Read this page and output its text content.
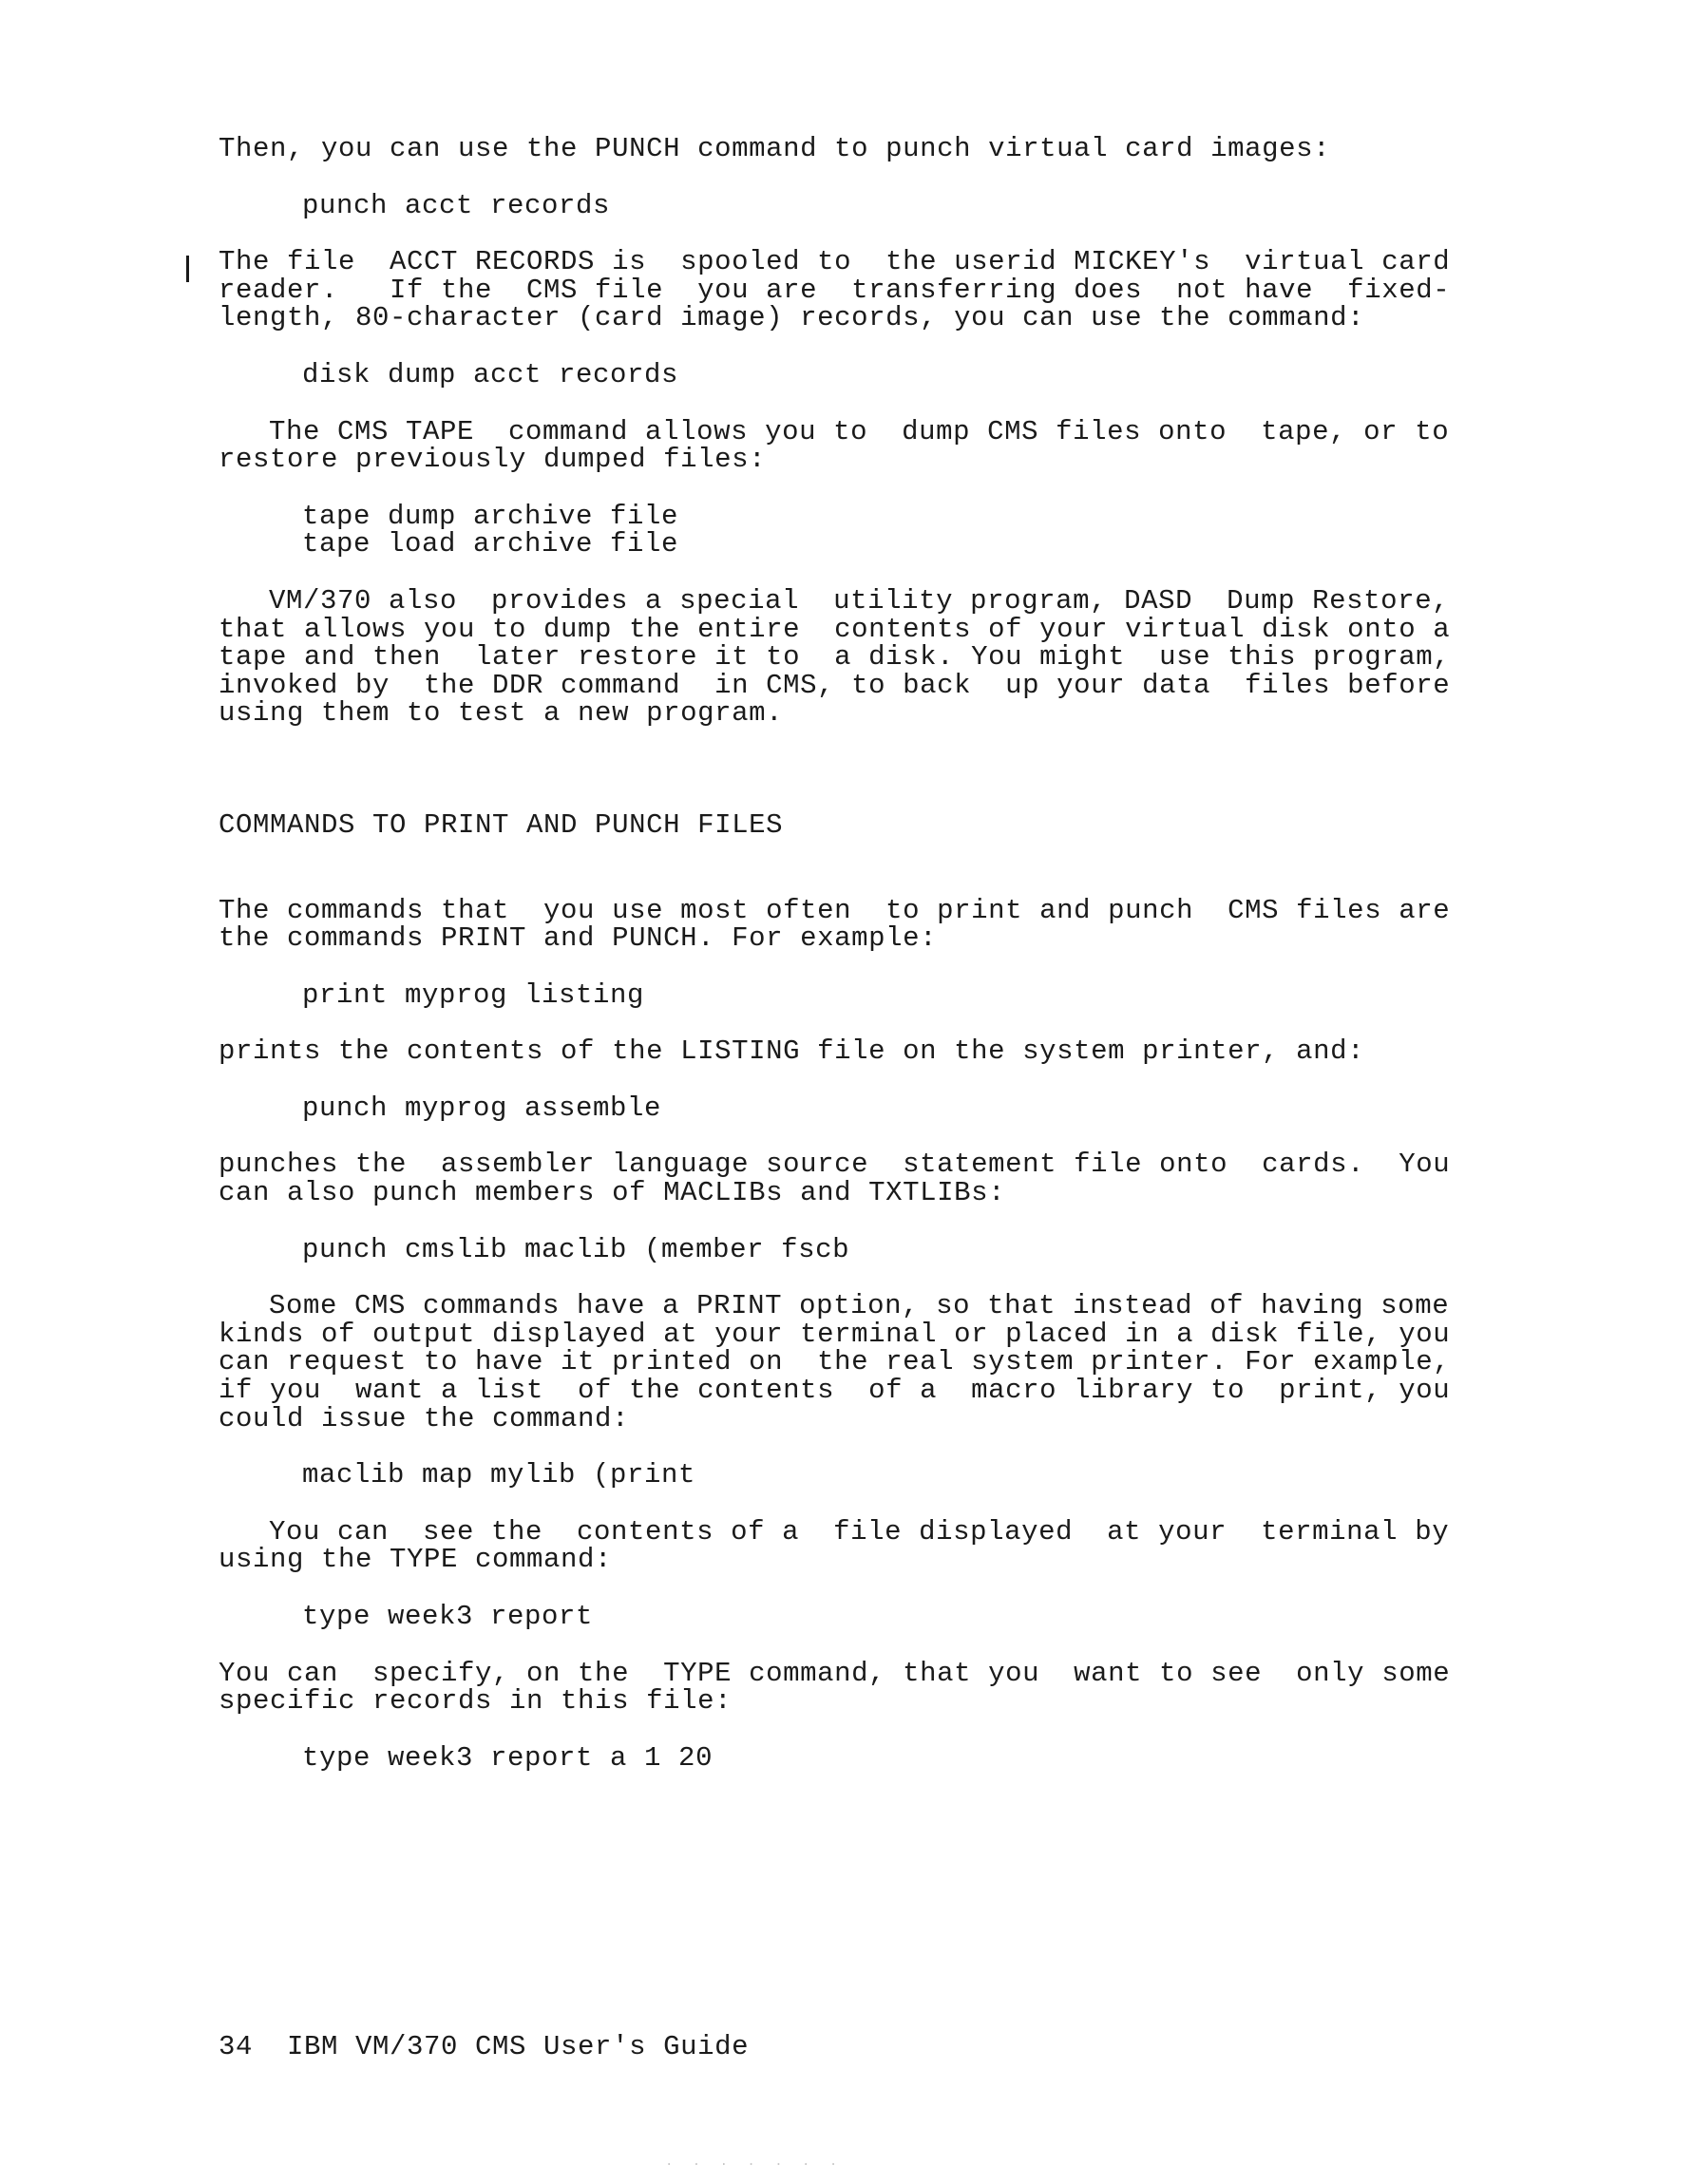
Then, you can use the PUNCH command to punch virtual card images:
punch acct records
The file  ACCT RECORDS is  spooled to  the userid MICKEY's  virtual card reader.   If the  CMS file  you are  transferring does  not have  fixed-length, 80-character (card image) records, you can use the command:
disk dump acct records
The CMS TAPE  command allows you to  dump CMS files onto  tape, or to restore previously dumped files:
tape dump archive file
tape load archive file
VM/370 also  provides a special  utility program, DASD  Dump Restore, that allows you to dump the entire  contents of your virtual disk onto a tape and then  later restore it to  a disk. You might  use this program, invoked by  the DDR command  in CMS, to back  up your data  files before using them to test a new program.
COMMANDS TO PRINT AND PUNCH FILES
The commands that  you use most often  to print and punch  CMS files are the commands PRINT and PUNCH. For example:
print myprog listing
prints the contents of the LISTING file on the system printer, and:
punch myprog assemble
punches the  assembler language source  statement file onto  cards.  You can also punch members of MACLIBs and TXTLIBs:
punch cmslib maclib (member fscb
Some CMS commands have a PRINT option, so that instead of having some kinds of output displayed at your terminal or placed in a disk file, you can request to have it printed on  the real system printer. For example, if you  want a list  of the contents  of a  macro library to  print, you could issue the command:
maclib map mylib (print
You can  see the  contents of a  file displayed  at your  terminal by using the TYPE command:
type week3 report
You can  specify, on the  TYPE command, that you  want to see  only some specific records in this file:
type week3 report a 1 20
34  IBM VM/370 CMS User's Guide
. . . . . . .
